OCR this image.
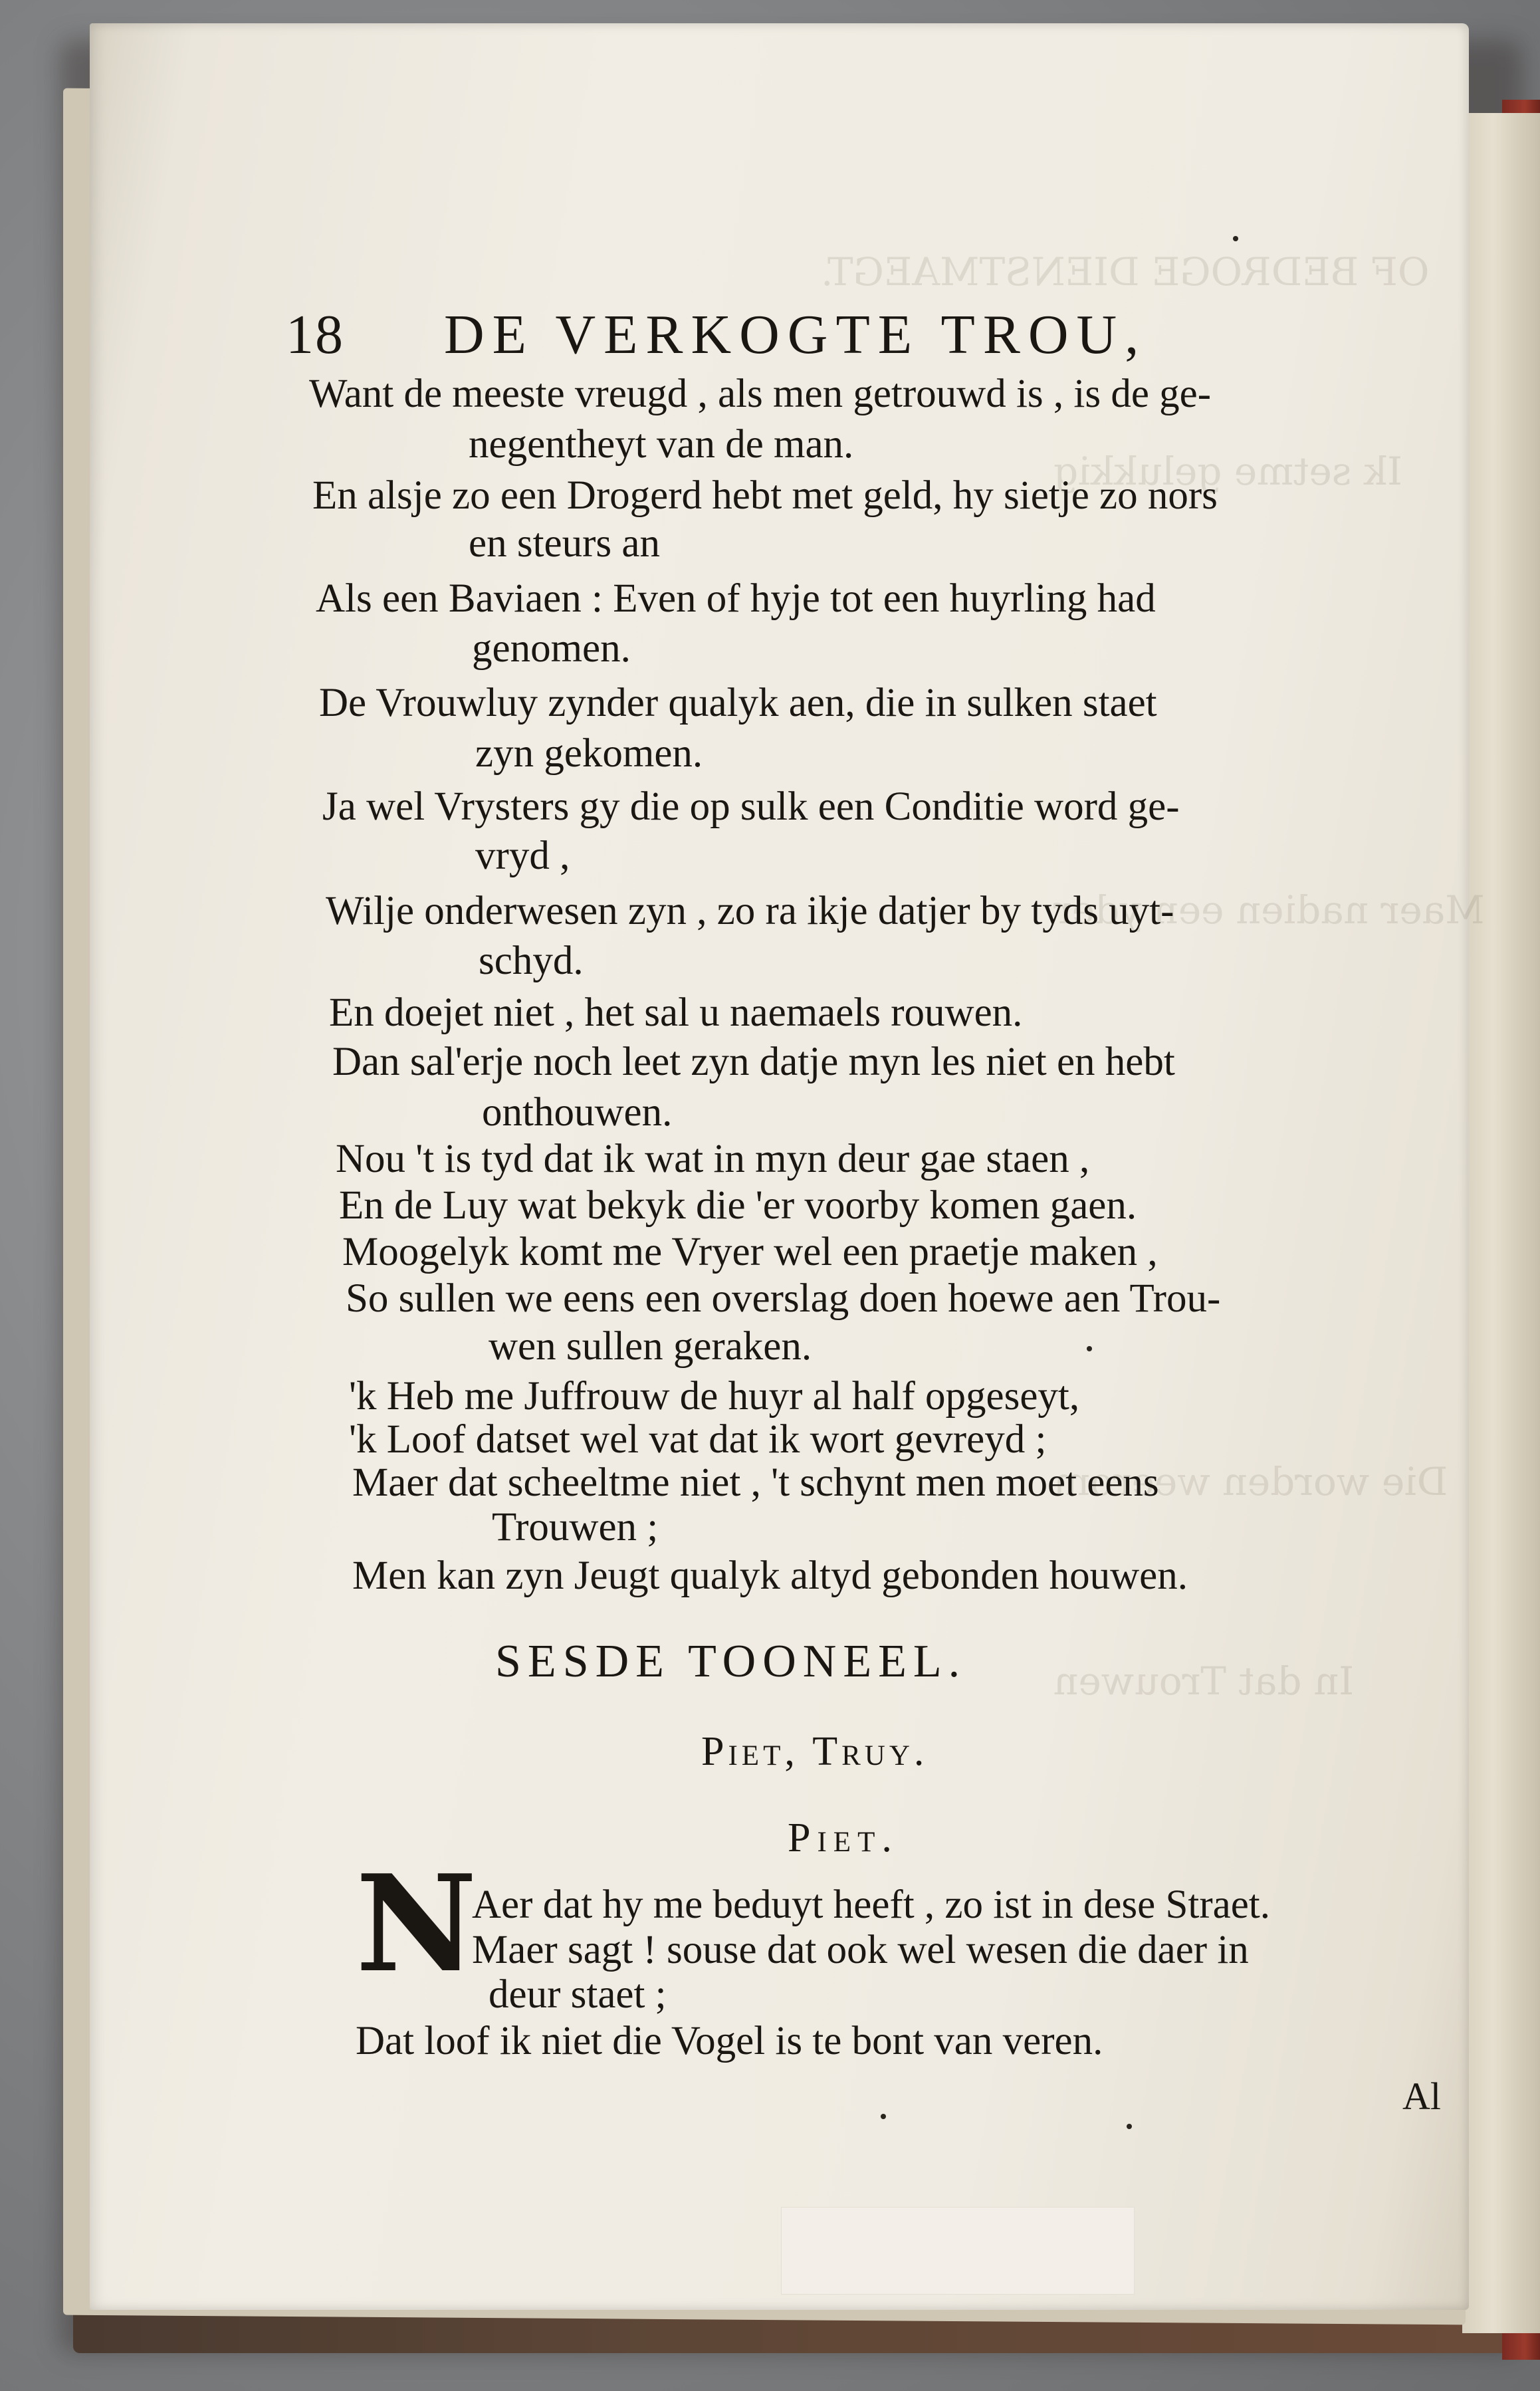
OF BEDROGE DIENSTMAEGT.
Ik setme gelukkig
Maer nadien een yder
Die worden weerom
In dat Trouwen
18 DE VERKOGTE TROU,
Want de meeste vreugd , als men getrouwd is , is de ge-
negentheyt van de man.
En alsje zo een Drogerd hebt met geld, hy sietje zo nors
en steurs an
Als een Baviaen : Even of hyje tot een huyrling had
genomen.
De Vrouwluy zynder qualyk aen, die in sulken staet
zyn gekomen.
Ja wel Vrysters gy die op sulk een Conditie word ge-
vryd ,
Wilje onderwesen zyn , zo ra ikje datjer by tyds uyt-
schyd.
En doejet niet , het sal u naemaels rouwen.
Dan sal'erje noch leet zyn datje myn les niet en hebt
onthouwen.
Nou 't is tyd dat ik wat in myn deur gae staen ,
En de Luy wat bekyk die 'er voorby komen gaen.
Moogelyk komt me Vryer wel een praetje maken ,
So sullen we eens een overslag doen hoewe aen Trou-
wen sullen geraken.
'k Heb me Juffrouw de huyr al half opgeseyt,
'k Loof datset wel vat dat ik wort gevreyd ;
Maer dat scheeltme niet , 't schynt men moet eens
Trouwen ;
Men kan zyn Jeugt qualyk altyd gebonden houwen.
SESDE TOONEEL.
Piet, Truy.
Piet.
N
Aer dat hy me beduyt heeft , zo ist in dese Straet.
Maer sagt ! souse dat ook wel wesen die daer in
deur staet ;
Dat loof ik niet die Vogel is te bont van veren.
Al
